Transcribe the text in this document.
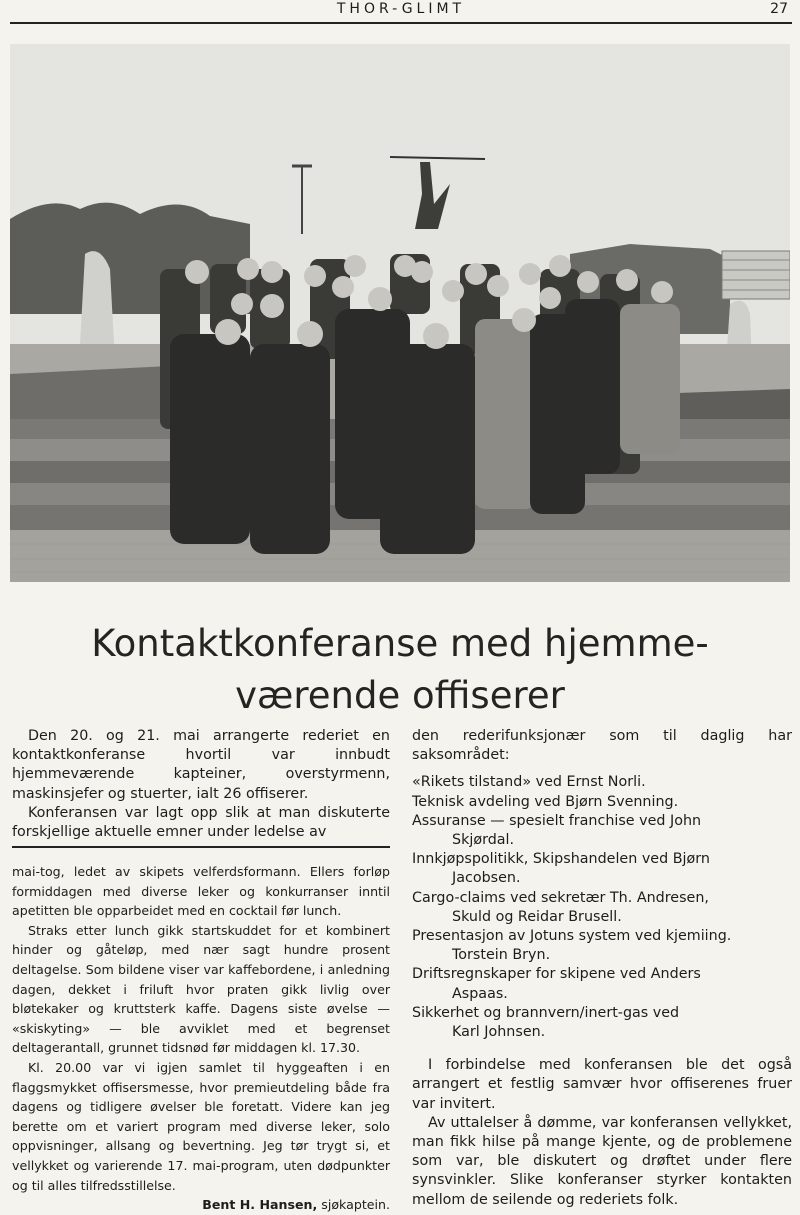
THOR-GLIMT	27
Kontaktkonferanse med hjemme-
værende offiserer

Den 20. og 21. mai arrangerte rederiet en kontaktkonferanse hvortil var innbudt hjemmeværende kapteiner, overstyrmenn, maskinsjefer og stuerter, ialt 26 offiserer.

Konferansen var lagt opp slik at man diskuterte forskjellige aktuelle emner under ledelse av

mai-tog, ledet av skipets velferdsformann. Ellers forløp formiddagen med diverse leker og konkurranser inntil apetitten ble opparbeidet med en cocktail før lunch.

Straks etter lunch gikk startskuddet for et kombinert hinder og gåteløp, med nær sagt hundre prosent deltagelse. Som bildene viser var kaffebordene, i anledning dagen, dekket i friluft hvor praten gikk livlig over bløtekaker og kruttsterk kaffe. Dagens siste øvelse — «skiskyting» — ble avviklet med et begrenset deltagerantall, grunnet tidsnød før middagen kl. 17.30.

Kl. 20.00 var vi igjen samlet til hyggeaften i en flaggsmykket offisersmesse, hvor premieutdeling både fra dagens og tidligere øvelser ble foretatt. Videre kan jeg berette om et variert program med diverse leker, solo oppvisninger, allsang og bevertning. Jeg tør trygt si, et vellykket og varierende 17. mai-program, uten dødpunkter og til alles tilfredsstillelse.

Bent H. Hansen, sjøkaptein.

den rederifunksjonær som til daglig har saksområdet:

«Rikets tilstand» ved Ernst Norli.

Teknisk avdeling ved Bjørn Svenning.

Assuranse — spesielt franchise ved John

Skjørdal.

Innkjøpspolitikk, Skipshandelen ved Bjørn

Jacobsen.

Cargo-claims ved sekretær Th. Andresen,

Skuld og Reidar Brusell.

Presentasjon av Jotuns system ved kjemiing.

Torstein Bryn.

Driftsregnskaper for skipene ved Anders

Aspaas.

Sikkerhet og brannvern/inert-gas ved

Karl Johnsen.

I forbindelse med konferansen ble det også arrangert et festlig samvær hvor offiserenes fruer var invitert.

Av uttalelser å dømme, var konferansen vellykket, man fikk hilse på mange kjente, og de problemene som var, ble diskutert og drøftet under flere synsvinkler. Slike konferanser styrker kontakten mellom de seilende og rederiets folk.
